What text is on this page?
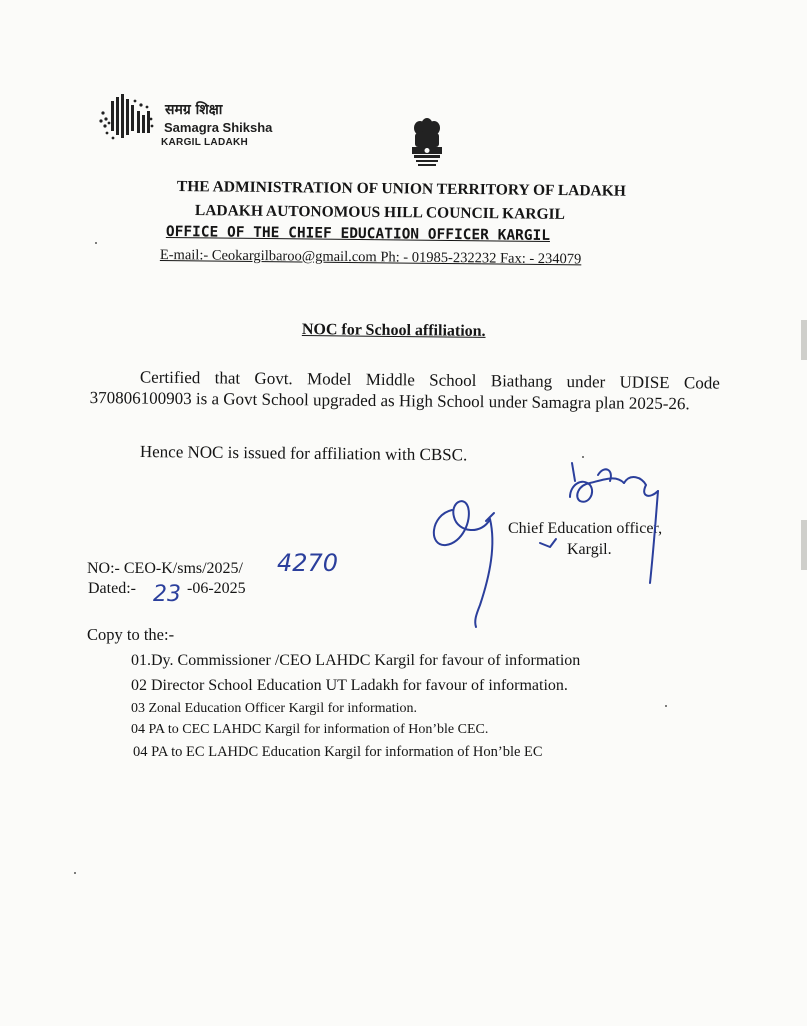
समग्र शिक्षा
Samagra Shiksha
KARGIL LADAKH
THE ADMINISTRATION OF UNION TERRITORY OF LADAKH
LADAKH AUTONOMOUS HILL COUNCIL KARGIL
OFFICE OF THE CHIEF EDUCATION OFFICER KARGIL
E-mail:- Ceokargilbaroo@gmail.com Ph: - 01985-232232 Fax: - 234079
NOC for School affiliation.

Certified that Govt. Model Middle School Biathang under UDISE Code 370806100903 is a Govt School upgraded as High School under Samagra plan 2025-26.

Hence NOC is issued for affiliation with CBSC.
Chief Education officer,
Kargil.
NO:- CEO-K/sms/2025/ 4270
Dated:- 23 -06-2025
Copy to the:-
01.Dy. Commissioner /CEO LAHDC Kargil for favour of information
02 Director School Education UT Ladakh for favour of information.
03 Zonal Education Officer Kargil for information.
04 PA to CEC LAHDC Kargil for information of Hon’ble CEC.
04 PA to EC LAHDC Education Kargil for information of Hon’ble EC
